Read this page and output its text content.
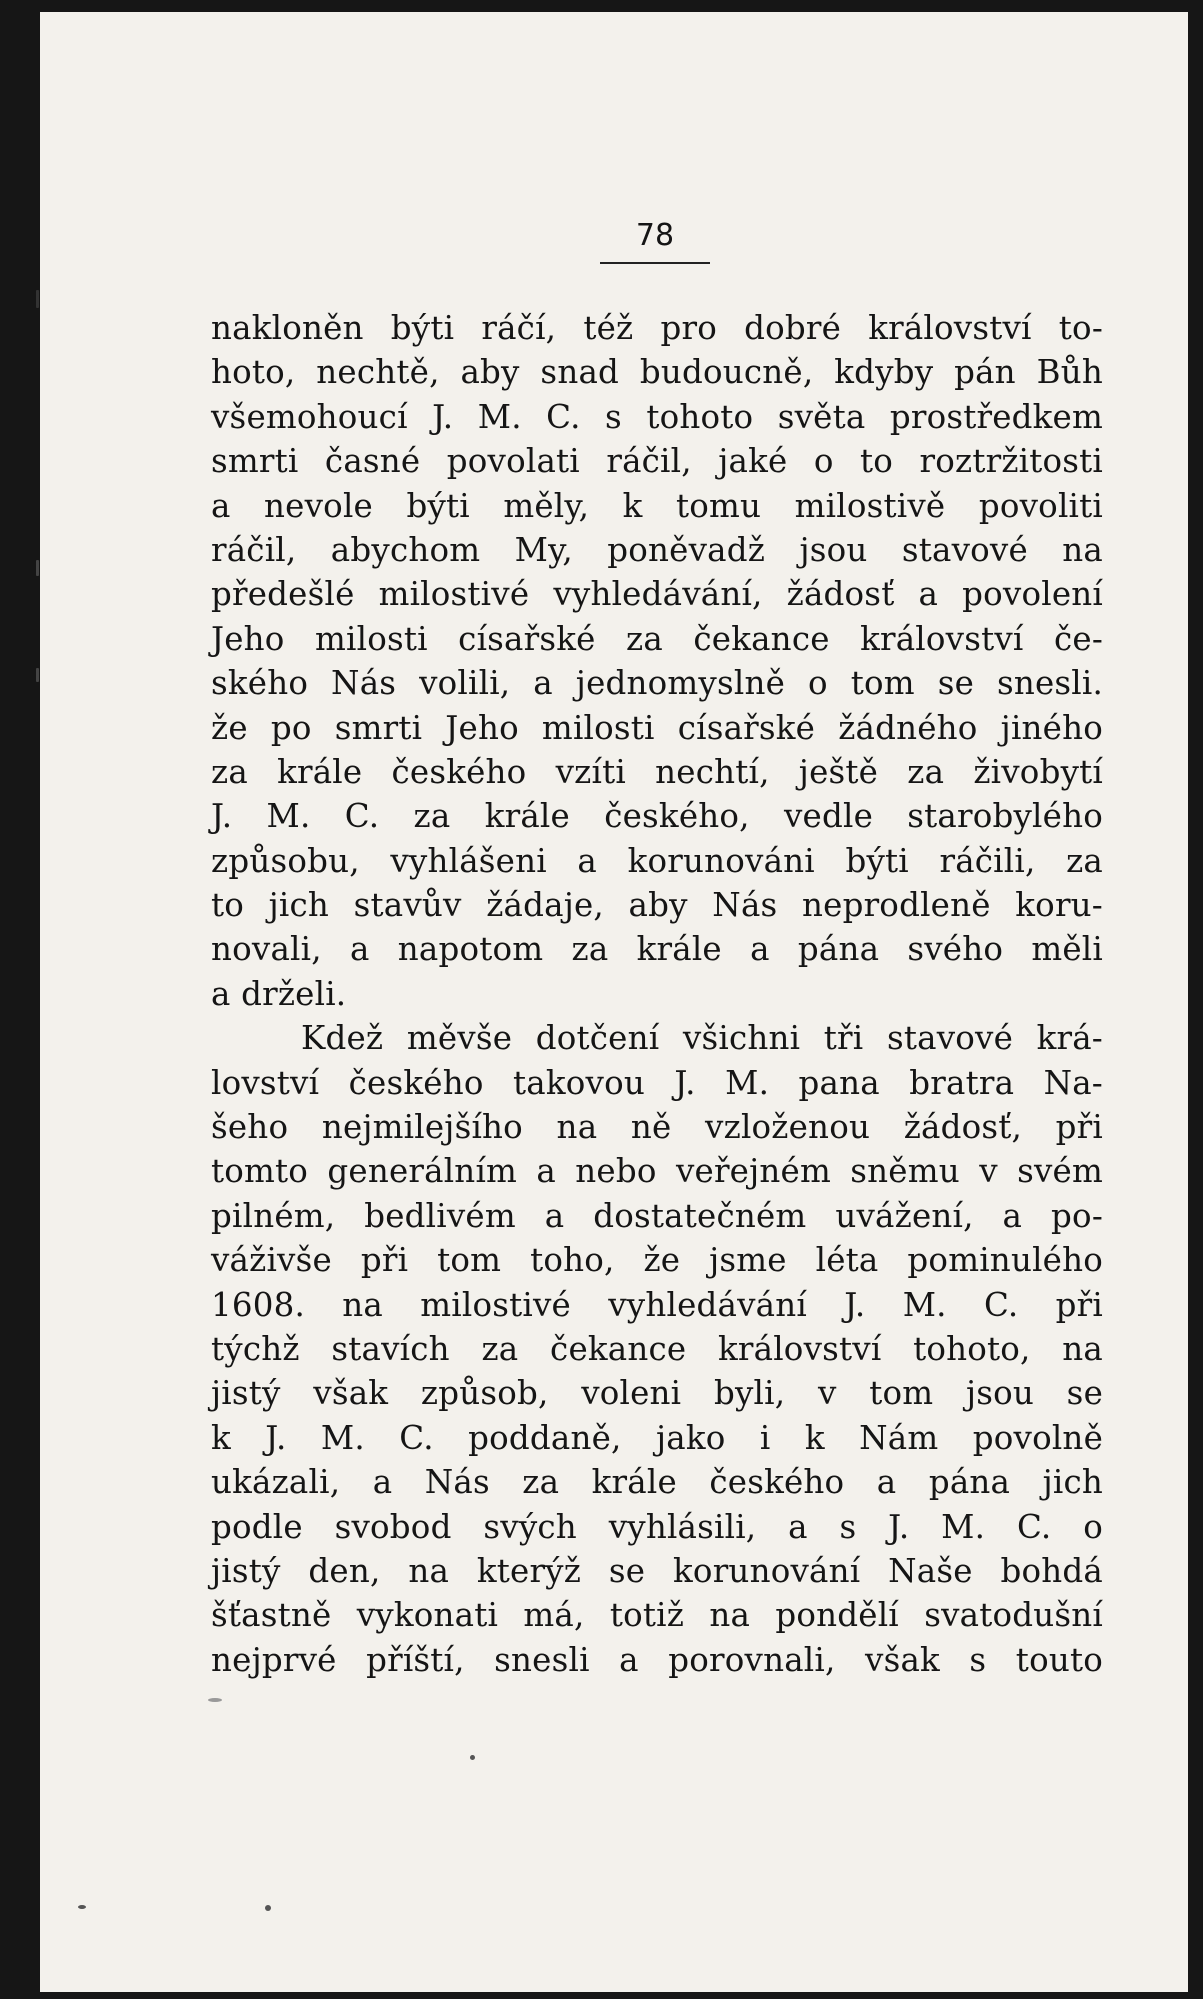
78

nakloněn býti ráčí, též pro dobré království to-
hoto, nechtě, aby snad budoucně, kdyby pán Bůh
všemohoucí J. M. C. s tohoto světa prostředkem
smrti časné povolati ráčil, jaké o to roztržitosti
a nevole býti měly, k tomu milostivě povoliti
ráčil, abychom My, poněvadž jsou stavové na
předešlé milostivé vyhledávání, žádosť a povolení
Jeho milosti císařské za čekance království če-
ského Nás volili, a jednomyslně o tom se snesli.
že po smrti Jeho milosti císařské žádného jiného
za krále českého vzíti nechtí, ještě za živobytí
J. M. C. za krále českého, vedle starobylého
způsobu, vyhlášeni a korunováni býti ráčili, za
to jich stavův žádaje, aby Nás neprodleně koru-
novali, a napotom za krále a pána svého měli
a drželi.
Kdež měvše dotčení všichni tři stavové krá-
lovství českého takovou J. M. pana bratra Na-
šeho nejmilejšího na ně vzloženou žádosť, při
tomto generálním a nebo veřejném sněmu v svém
pilném, bedlivém a dostatečném uvážení, a po-
váživše při tom toho, že jsme léta pominulého
1608. na milostivé vyhledávání J. M. C. při
týchž stavích za čekance království tohoto, na
jistý však způsob, voleni byli, v tom jsou se
k J. M. C. poddaně, jako i k Nám povolně
ukázali, a Nás za krále českého a pána jich
podle svobod svých vyhlásili, a s J. M. C. o
jistý den, na kterýž se korunování Naše bohdá
šťastně vykonati má, totiž na pondělí svatodušní
nejprvé příští, snesli a porovnali, však s touto
